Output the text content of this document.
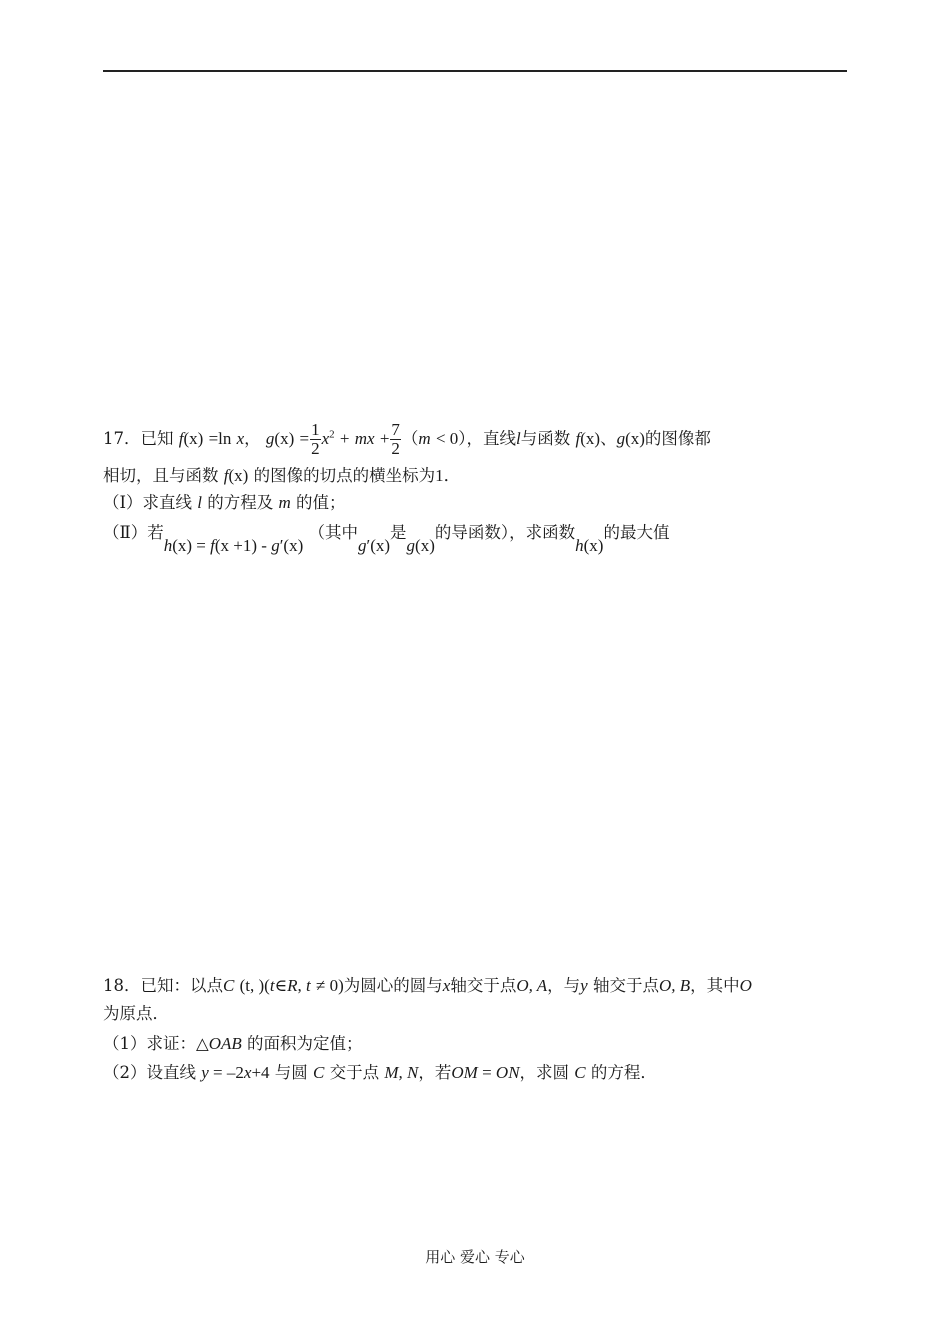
17．已知 f(x) =ln x， $g(x) = \frac{1}{2} x^2$ + mx + $\frac{7}{2} (m < 0)$，直线l与函数 f(x)、g(x)的图像都
相切，且与函数 f(x) 的图像的切点的横坐标为1．
（Ⅰ）求直线 l 的方程及 m 的值；
（Ⅱ）若h(x) = f(x +1) - g′(x) （其中g′(x)是g(x)的导函数），求函数h(x)的最大值
18．已知：以点C (t, )(t∈R, t ≠ 0)为圆心的圆与x轴交于点O, A，与y 轴交于点O, B，其中O
为原点．
（1）求证：△OAB 的面积为定值；
（2）设直线 y = –2x+4 与圆 C 交于点 M, N，若OM = ON，求圆 C 的方程．
用心 爱心 专心
